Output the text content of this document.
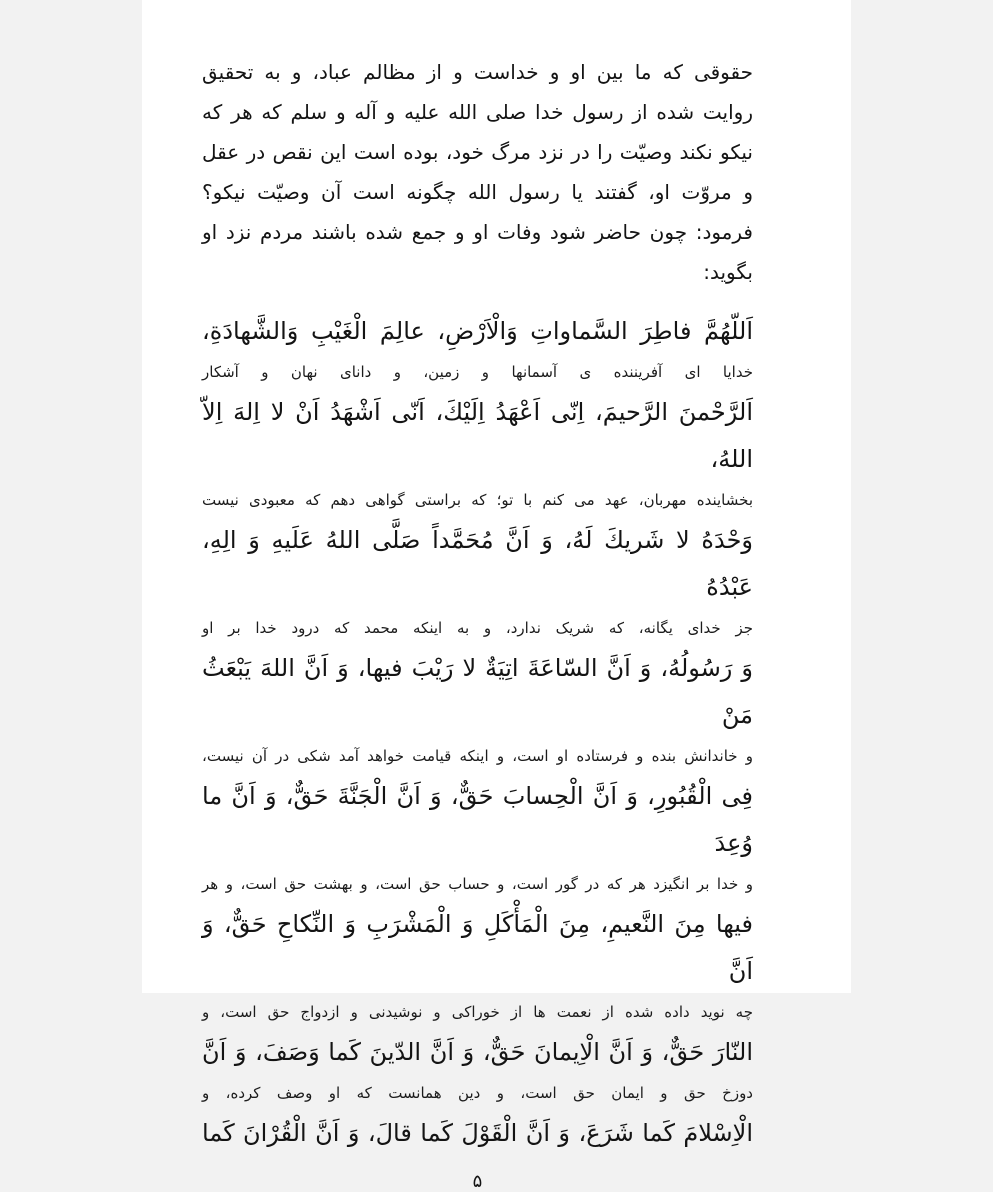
حقوقی که ما بین او و خداست و از مظالم عباد، و به تحقیق روایت شده از رسول خدا صلی الله علیه و آله و سلم که هر که نیکو نکند وصیّت را در نزد مرگ خود، بوده است این نقص در عقل و مروّت او، گفتند یا رسول الله چگونه است آن وصیّت نیکو؟ فرمود: چون حاضر شود وفات او و جمع شده باشند مردم نزد او بگوید:

اَللّهُمَّ فاطِرَ السَّماواتِ وَالْاَرْضِ، عالِمَ الْغَيْبِ وَالشَّهادَةِ،
خدایا ای آفریننده ی آسمانها و زمین، و دانای نهان و آشکار
اَلرَّحْمنَ الرَّحيمَ، اِنّى اَعْهَدُ اِلَيْكَ، اَنّى اَشْهَدُ اَنْ لا اِلهَ اِلاّ اللهُ،
بخشاینده مهربان، عهد می کنم با تو؛ که براستی گواهی دهم که معبودی نیست
وَحْدَهُ لا شَريكَ لَهُ، وَ اَنَّ مُحَمَّداً صَلَّى اللهُ عَلَيهِ وَ الِهِ، عَبْدُهُ
جز خدای یگانه، که شریک ندارد، و به اینکه محمد که درود خدا بر او
وَ رَسُولُهُ، وَ اَنَّ السّاعَةَ اتِيَةٌ لا رَيْبَ فيها، وَ اَنَّ اللهَ يَبْعَثُ مَنْ
و خاندانش بنده و فرستاده او است، و اینکه قیامت خواهد آمد شکی در آن نیست،
فِى الْقُبُورِ، وَ اَنَّ الْحِسابَ حَقٌّ، وَ اَنَّ الْجَنَّةَ حَقٌّ، وَ اَنَّ ما وُعِدَ
و خدا بر انگیزد هر که در گور است، و حساب حق است، و بهشت حق است، و هر
فيها مِنَ النَّعيمِ، مِنَ الْمَأْكَلِ وَ الْمَشْرَبِ وَ النِّكاحِ حَقٌّ، وَ اَنَّ
چه نوید داده شده از نعمت ها از خوراکی و نوشیدنی و ازدواج حق است، و
النّارَ حَقٌّ، وَ اَنَّ الْاِيمانَ حَقٌّ، وَ اَنَّ الدّينَ كَما وَصَفَ، وَ اَنَّ
دوزخ حق و ایمان حق است، و دین همانست که او وصف کرده، و
الْاِسْلامَ كَما شَرَعَ، وَ اَنَّ الْقَوْلَ كَما قالَ، وَ اَنَّ الْقُرْانَ كَما
۵
